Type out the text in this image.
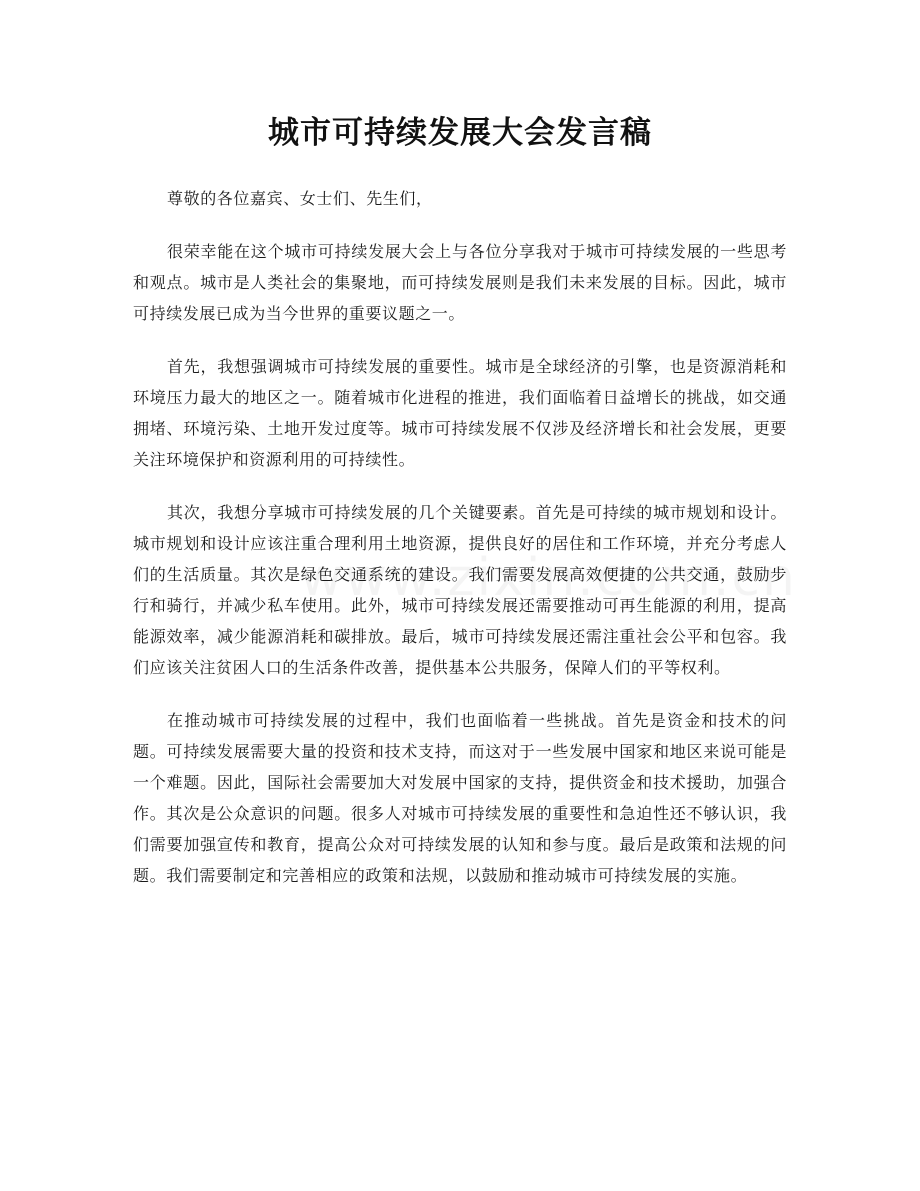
城市可持续发展大会发言稿

尊敬的各位嘉宾、女士们、先生们，

很荣幸能在这个城市可持续发展大会上与各位分享我对于城市可持续发展的一些思考和观点。城市是人类社会的集聚地，而可持续发展则是我们未来发展的目标。因此，城市可持续发展已成为当今世界的重要议题之一。

首先，我想强调城市可持续发展的重要性。城市是全球经济的引擎，也是资源消耗和环境压力最大的地区之一。随着城市化进程的推进，我们面临着日益增长的挑战，如交通拥堵、环境污染、土地开发过度等。城市可持续发展不仅涉及经济增长和社会发展，更要关注环境保护和资源利用的可持续性。

其次，我想分享城市可持续发展的几个关键要素。首先是可持续的城市规划和设计。城市规划和设计应该注重合理利用土地资源，提供良好的居住和工作环境，并充分考虑人们的生活质量。其次是绿色交通系统的建设。我们需要发展高效便捷的公共交通，鼓励步行和骑行，并减少私车使用。此外，城市可持续发展还需要推动可再生能源的利用，提高能源效率，减少能源消耗和碳排放。最后，城市可持续发展还需注重社会公平和包容。我们应该关注贫困人口的生活条件改善，提供基本公共服务，保障人们的平等权利。

在推动城市可持续发展的过程中，我们也面临着一些挑战。首先是资金和技术的问题。可持续发展需要大量的投资和技术支持，而这对于一些发展中国家和地区来说可能是一个难题。因此，国际社会需要加大对发展中国家的支持，提供资金和技术援助，加强合作。其次是公众意识的问题。很多人对城市可持续发展的重要性和急迫性还不够认识，我们需要加强宣传和教育，提高公众对可持续发展的认知和参与度。最后是政策和法规的问题。我们需要制定和完善相应的政策和法规，以鼓励和推动城市可持续发展的实施。
